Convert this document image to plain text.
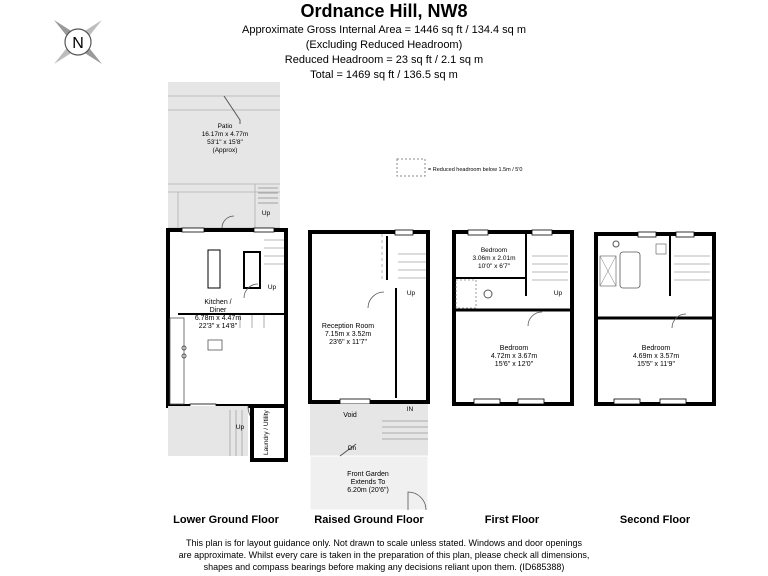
Ordnance Hill, NW8
Approximate Gross Internal Area = 1446 sq ft / 134.4 sq m
(Excluding Reduced Headroom)
Reduced Headroom = 23 sq ft / 2.1 sq m
Total = 1469 sq ft / 136.5 sq m
N
= Reduced headroom below 1.5m / 5'0
Patio
16.17m x 4.77m
53'1" x 15'8"
(Approx)
Up
Up
Kitchen /
Diner
6.78m x 4.47m
22'3" x 14'8"
Up	Laundry / Utility
Lower Ground Floor
Up
Reception Room
7.15m x 3.52m
23'6" x 11'7"
Void
IN
Dn
Front Garden
Extends To
6.20m (20'6")
Raised Ground Floor
Up
Bedroom
3.06m x 2.01m
10'0" x 6'7"
Bedroom
4.72m x 3.67m
15'6" x 12'0"
First Floor
Bedroom
4.69m x 3.57m
15'5" x 11'9"
Second Floor
This plan is for layout guidance only. Not drawn to scale unless stated. Windows and door openings
are approximate. Whilst every care is taken in the preparation of this plan, please check all dimensions,
shapes and compass bearings before making any decisions reliant upon them. (ID685388)
